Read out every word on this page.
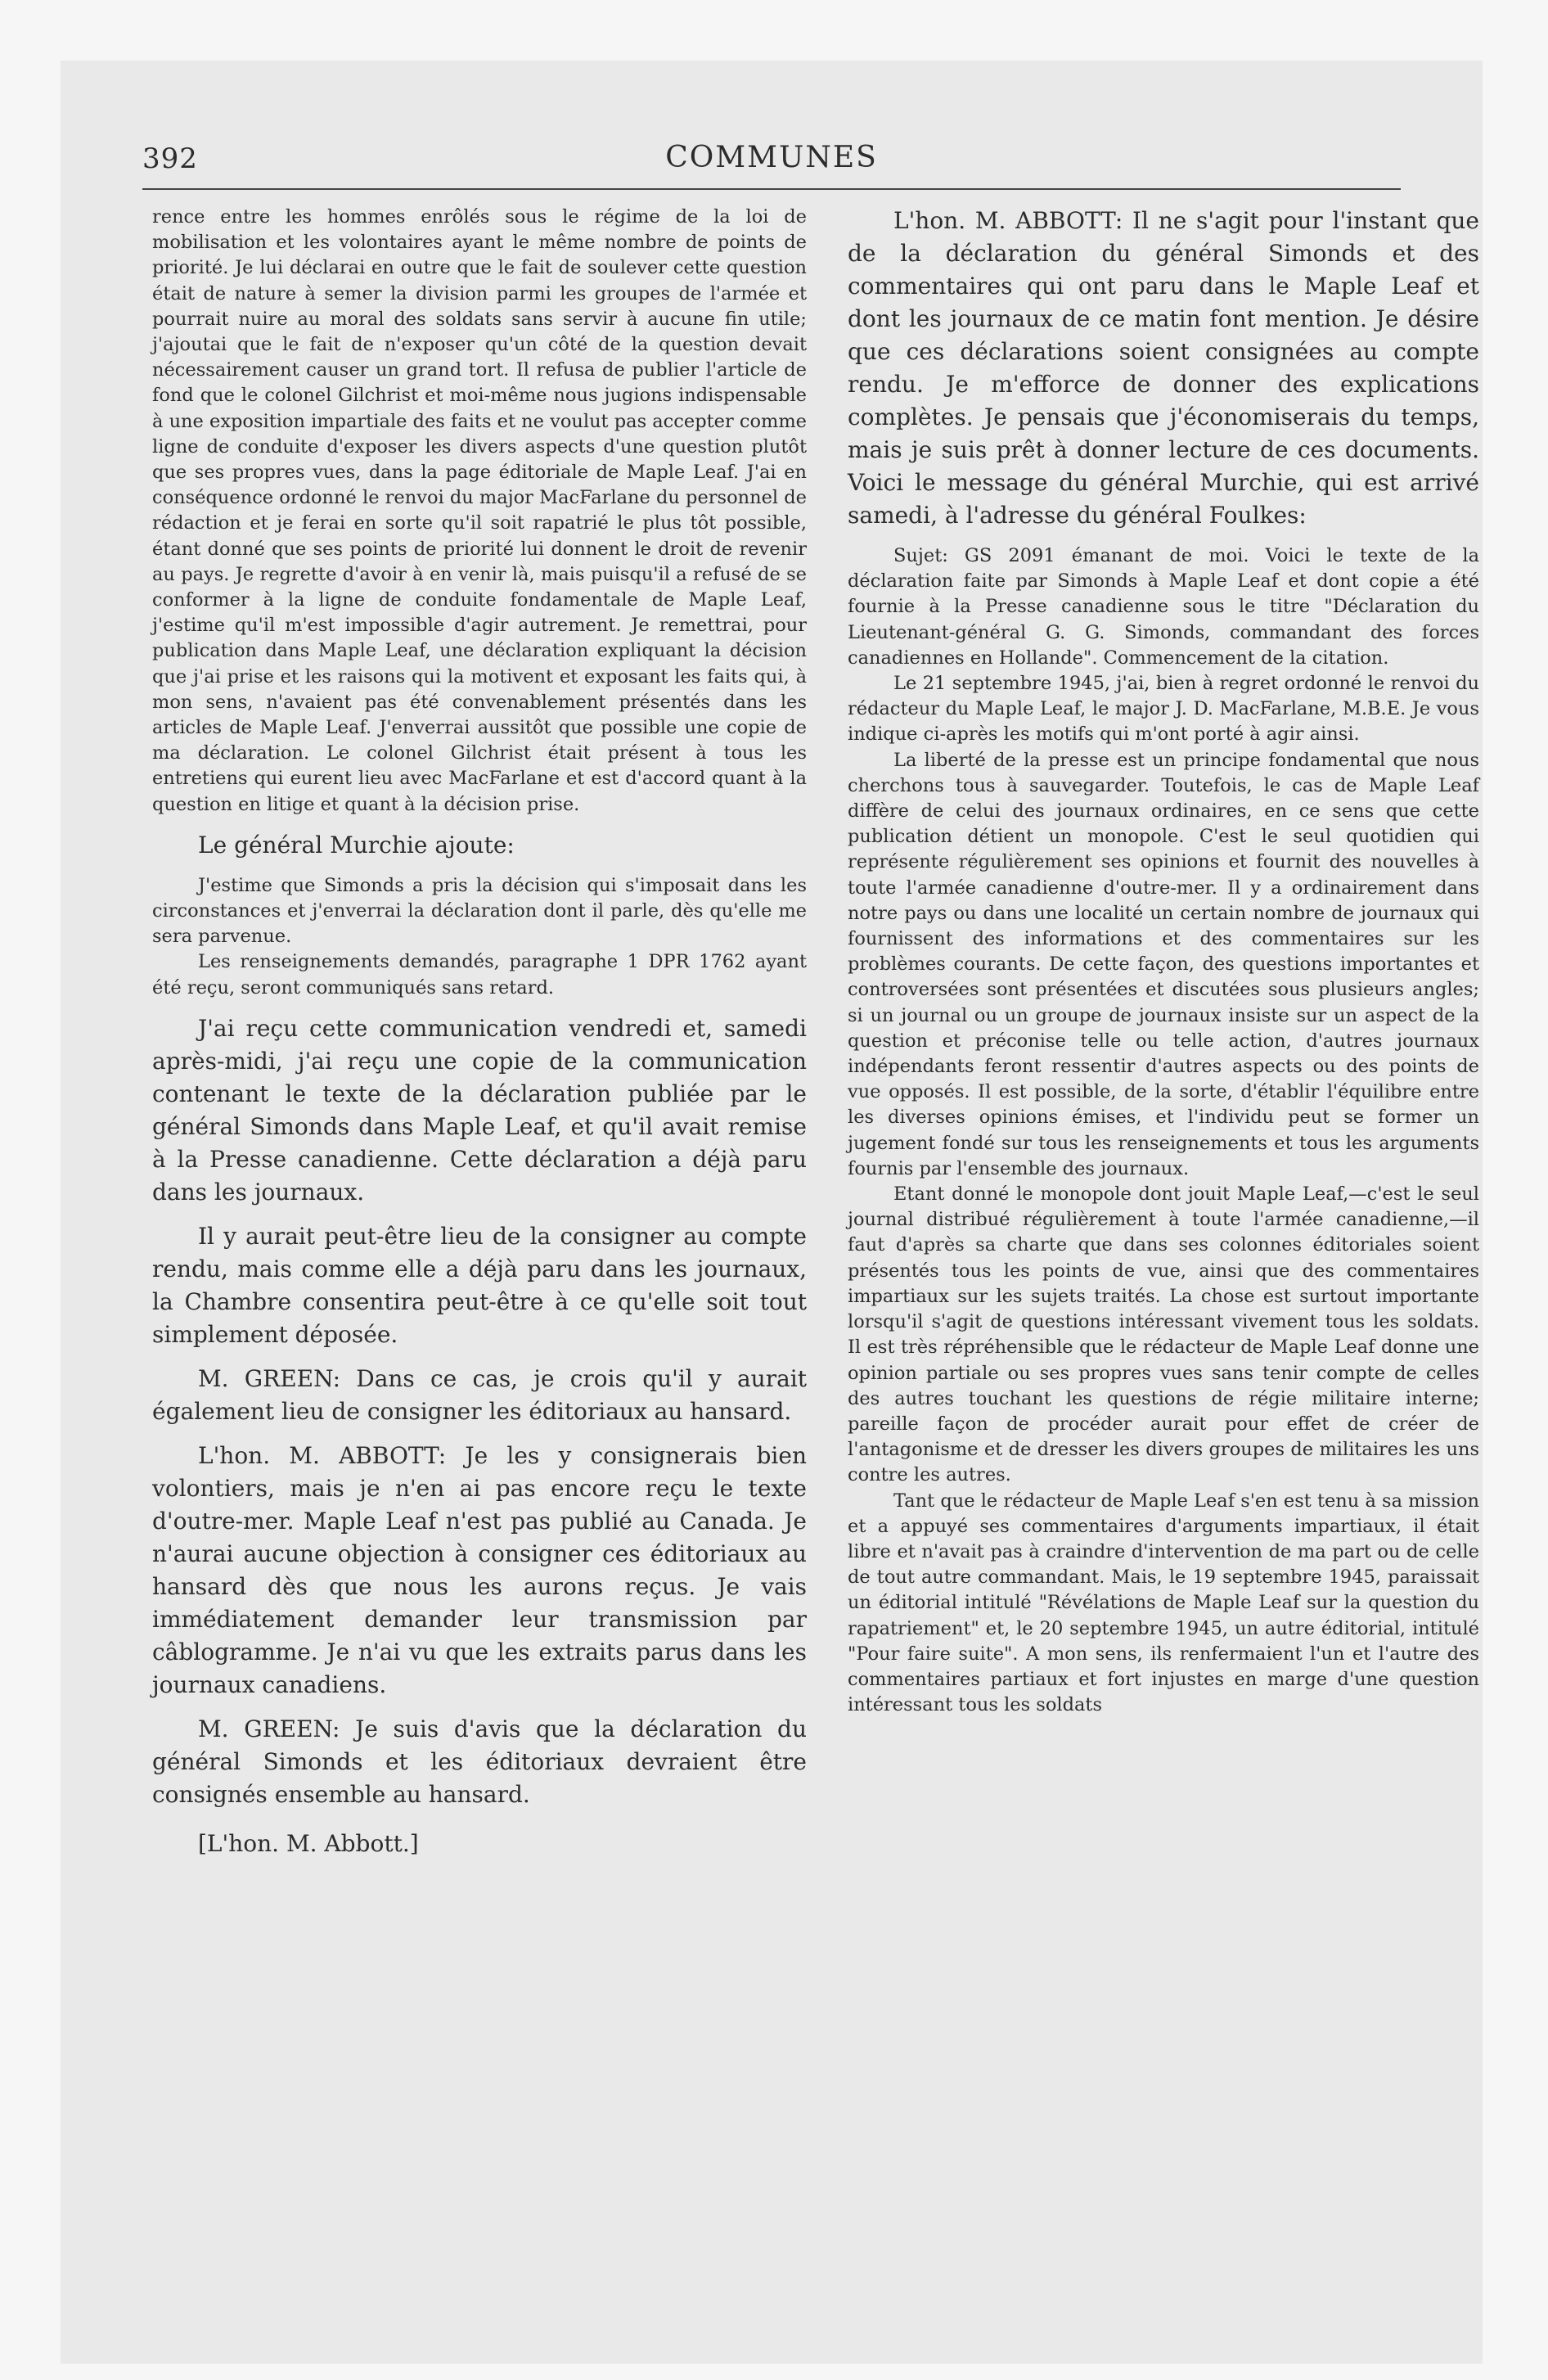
392	COMMUNES

rence entre les hommes enrôlés sous le régime de la loi de mobilisation et les volontaires ayant le même nombre de points de priorité. Je lui déclarai en outre que le fait de soulever cette question était de nature à semer la division parmi les groupes de l'armée et pourrait nuire au moral des soldats sans servir à aucune fin utile; j'ajoutai que le fait de n'exposer qu'un côté de la question devait nécessairement causer un grand tort. Il refusa de publier l'article de fond que le colonel Gilchrist et moi-même nous jugions indispensable à une exposition impartiale des faits et ne voulut pas accepter comme ligne de conduite d'exposer les divers aspects d'une question plutôt que ses propres vues, dans la page éditoriale de Maple Leaf. J'ai en conséquence ordonné le renvoi du major MacFarlane du personnel de rédaction et je ferai en sorte qu'il soit rapatrié le plus tôt possible, étant donné que ses points de priorité lui donnent le droit de revenir au pays. Je regrette d'avoir à en venir là, mais puisqu'il a refusé de se conformer à la ligne de conduite fondamentale de Maple Leaf, j'estime qu'il m'est impossible d'agir autrement. Je remettrai, pour publication dans Maple Leaf, une déclaration expliquant la décision que j'ai prise et les raisons qui la motivent et exposant les faits qui, à mon sens, n'avaient pas été convenablement présentés dans les articles de Maple Leaf. J'enverrai aussitôt que possible une copie de ma déclaration. Le colonel Gilchrist était présent à tous les entretiens qui eurent lieu avec MacFarlane et est d'accord quant à la question en litige et quant à la décision prise.

Le général Murchie ajoute:

J'estime que Simonds a pris la décision qui s'imposait dans les circonstances et j'enverrai la déclaration dont il parle, dès qu'elle me sera parvenue.

Les renseignements demandés, paragraphe 1 DPR 1762 ayant été reçu, seront communiqués sans retard.

J'ai reçu cette communication vendredi et, samedi après-midi, j'ai reçu une copie de la communication contenant le texte de la déclaration publiée par le général Simonds dans Maple Leaf, et qu'il avait remise à la Presse canadienne. Cette déclaration a déjà paru dans les journaux.

Il y aurait peut-être lieu de la consigner au compte rendu, mais comme elle a déjà paru dans les journaux, la Chambre consentira peut-être à ce qu'elle soit tout simplement déposée.

M. GREEN: Dans ce cas, je crois qu'il y aurait également lieu de consigner les éditoriaux au hansard.

L'hon. M. ABBOTT: Je les y consignerais bien volontiers, mais je n'en ai pas encore reçu le texte d'outre-mer. Maple Leaf n'est pas publié au Canada. Je n'aurai aucune objection à consigner ces éditoriaux au hansard dès que nous les aurons reçus. Je vais immédiatement demander leur transmission par câblogramme. Je n'ai vu que les extraits parus dans les journaux canadiens.

M. GREEN: Je suis d'avis que la déclaration du général Simonds et les éditoriaux devraient être consignés ensemble au hansard.

[L'hon. M. Abbott.]

L'hon. M. ABBOTT: Il ne s'agit pour l'instant que de la déclaration du général Simonds et des commentaires qui ont paru dans le Maple Leaf et dont les journaux de ce matin font mention. Je désire que ces déclarations soient consignées au compte rendu. Je m'efforce de donner des explications complètes. Je pensais que j'économiserais du temps, mais je suis prêt à donner lecture de ces documents. Voici le message du général Murchie, qui est arrivé samedi, à l'adresse du général Foulkes:

Sujet: GS 2091 émanant de moi. Voici le texte de la déclaration faite par Simonds à Maple Leaf et dont copie a été fournie à la Presse canadienne sous le titre "Déclaration du Lieutenant-général G. G. Simonds, commandant des forces canadiennes en Hollande". Commencement de la citation.

Le 21 septembre 1945, j'ai, bien à regret ordonné le renvoi du rédacteur du Maple Leaf, le major J. D. MacFarlane, M.B.E. Je vous indique ci-après les motifs qui m'ont porté à agir ainsi.

La liberté de la presse est un principe fondamental que nous cherchons tous à sauvegarder. Toutefois, le cas de Maple Leaf diffère de celui des journaux ordinaires, en ce sens que cette publication détient un monopole. C'est le seul quotidien qui représente régulièrement ses opinions et fournit des nouvelles à toute l'armée canadienne d'outre-mer. Il y a ordinairement dans notre pays ou dans une localité un certain nombre de journaux qui fournissent des informations et des commentaires sur les problèmes courants. De cette façon, des questions importantes et controversées sont présentées et discutées sous plusieurs angles; si un journal ou un groupe de journaux insiste sur un aspect de la question et préconise telle ou telle action, d'autres journaux indépendants feront ressentir d'autres aspects ou des points de vue opposés. Il est possible, de la sorte, d'établir l'équilibre entre les diverses opinions émises, et l'individu peut se former un jugement fondé sur tous les renseignements et tous les arguments fournis par l'ensemble des journaux.

Etant donné le monopole dont jouit Maple Leaf,—c'est le seul journal distribué régulièrement à toute l'armée canadienne,—il faut d'après sa charte que dans ses colonnes éditoriales soient présentés tous les points de vue, ainsi que des commentaires impartiaux sur les sujets traités. La chose est surtout importante lorsqu'il s'agit de questions intéressant vivement tous les soldats. Il est très répréhensible que le rédacteur de Maple Leaf donne une opinion partiale ou ses propres vues sans tenir compte de celles des autres touchant les questions de régie militaire interne; pareille façon de procéder aurait pour effet de créer de l'antagonisme et de dresser les divers groupes de militaires les uns contre les autres.

Tant que le rédacteur de Maple Leaf s'en est tenu à sa mission et a appuyé ses commentaires d'arguments impartiaux, il était libre et n'avait pas à craindre d'intervention de ma part ou de celle de tout autre commandant. Mais, le 19 septembre 1945, paraissait un éditorial intitulé "Révélations de Maple Leaf sur la question du rapatriement" et, le 20 septembre 1945, un autre éditorial, intitulé "Pour faire suite". A mon sens, ils renfermaient l'un et l'autre des commentaires partiaux et fort injustes en marge d'une question intéressant tous les soldats
